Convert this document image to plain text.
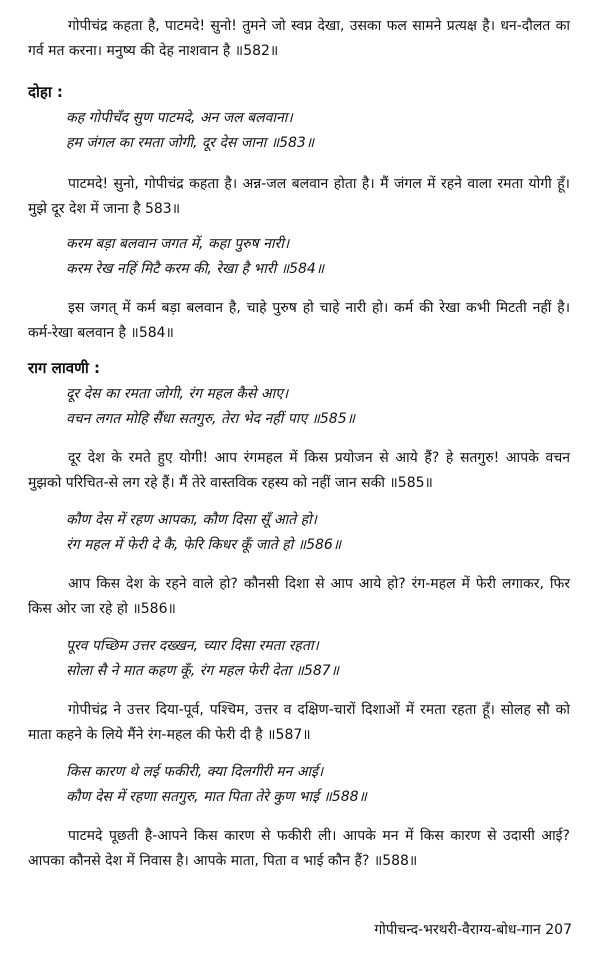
गोपीचंद्र कहता है, पाटमदे! सुनो! तुमने जो स्वप्न देखा, उसका फल सामने प्रत्यक्ष है। धन-दौलत का गर्व मत करना। मनुष्य की देह नाशवान है ॥582॥

दोहा :

कह गोपीचँद सुण पाटमदे, अन जल बलवाना।
हम जंगल का रमता जोगी, दूर देस जाना ॥583॥

पाटमदे! सुनो, गोपीचंद्र कहता है। अन्न-जल बलवान होता है। मैं जंगल में रहने वाला रमता योगी हूँ। मुझे दूर देश में जाना है 583॥

करम बड़ा बलवान जगत में, कहा पुरुष नारी।
करम रेख नहिं मिटै करम की, रेखा है भारी ॥584॥

इस जगत् में कर्म बड़ा बलवान है, चाहे पुरुष हो चाहे नारी हो। कर्म की रेखा कभी मिटती नहीं है। कर्म-रेखा बलवान है ॥584॥

राग लावणी :

दूर देस का रमता जोगी, रंग महल कैसे आए।
वचन लगत मोहि सैंधा सतगुरु, तेरा भेद नहीं पाए ॥585॥

दूर देश के रमते हुए योगी! आप रंगमहल में किस प्रयोजन से आये हैं? हे सतगुरु! आपके वचन मुझको परिचित-से लग रहे हैं। मैं तेरे वास्तविक रहस्य को नहीं जान सकी ॥585॥

कौण देस में रहण आपका, कौण दिसा सूँ आते हो।
रंग महल में फेरी दे कै, फेरि किधर कूँ जाते हो ॥586॥

आप किस देश के रहने वाले हो? कौनसी दिशा से आप आये हो? रंग-महल में फेरी लगाकर, फिर किस ओर जा रहे हो ॥586॥

पूरव पच्छिम उत्तर दख्खन, च्यार दिसा रमता रहता।
सोला सै ने मात कहण कूँ, रंग महल फेरी देता ॥587॥

गोपीचंद्र ने उत्तर दिया-पूर्व, पश्चिम, उत्तर व दक्षिण-चारों दिशाओं में रमता रहता हूँ। सोलह सौ को माता कहने के लिये मैंने रंग-महल की फेरी दी है ॥587॥

किस कारण थे लई फकीरी, क्या दिलगीरी मन आई।
कौण देस में रहणा सतगुरु, मात पिता तेरे कुण भाई ॥588॥

पाटमदे पूछती है-आपने किस कारण से फकीरी ली। आपके मन में किस कारण से उदासी आई? आपका कौनसे देश में निवास है। आपके माता, पिता व भाई कौन हैं? ॥588॥

गोपीचन्द-भरथरी-वैराग्य-बोध-गान 207
